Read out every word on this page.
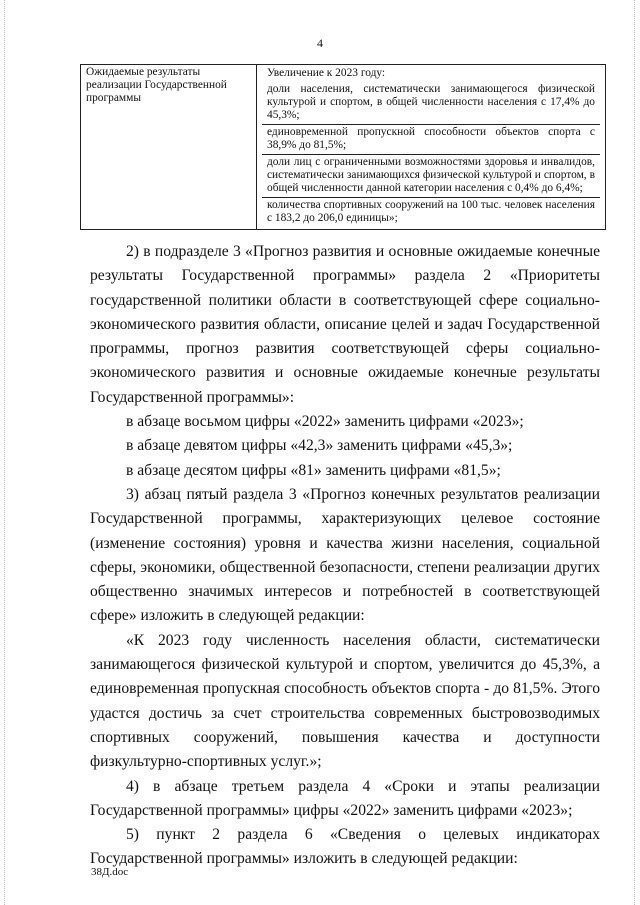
4
Ожидаемые результаты реализации Государственной программы	
Увеличение к 2023 году:
доли населения, систематически занимающегося физической культурой и спортом, в общей численности населения с 17,4% до 45,3%;
единовременной пропускной способности объектов спорта с 38,9% до 81,5%;
доли лиц с ограниченными возможностями здоровья и инвалидов, систематически занимающихся физической культурой и спортом, в общей численности данной категории населения с 0,4% до 6,4%;
количества спортивных сооружений на 100 тыс. человек населения с 183,2 до 206,0 единицы»;

2) в подразделе 3 «Прогноз развития и основные ожидаемые конечные результаты Государственной программы» раздела 2 «Приоритеты государственной политики области в соответствующей сфере социально-экономического развития области, описание целей и задач Государственной программы, прогноз развития соответствующей сферы социально-экономического развития и основные ожидаемые конечные результаты Государственной программы»:

в абзаце восьмом цифры «2022» заменить цифрами «2023»;

в абзаце девятом цифры «42,3» заменить цифрами «45,3»;

в абзаце десятом цифры «81» заменить цифрами «81,5»;

3) абзац пятый раздела 3 «Прогноз конечных результатов реализации Государственной программы, характеризующих целевое состояние (изменение состояния) уровня и качества жизни населения, социальной сферы, экономики, общественной безопасности, степени реализации других общественно значимых интересов и потребностей в соответствующей сфере» изложить в следующей редакции:

«К 2023 году численность населения области, систематически занимающегося физической культурой и спортом, увеличится до 45,3%, а единовременная пропускная способность объектов спорта - до 81,5%. Этого удастся достичь за счет строительства современных быстровозводимых спортивных сооружений, повышения качества и доступности физкультурно-спортивных услуг.»;

4) в абзаце третьем раздела 4 «Сроки и этапы реализации Государственной программы» цифры «2022» заменить цифрами «2023»;

5) пункт 2 раздела 6 «Сведения о целевых индикаторах Государственной программы» изложить в следующей редакции:

38Д.doc
